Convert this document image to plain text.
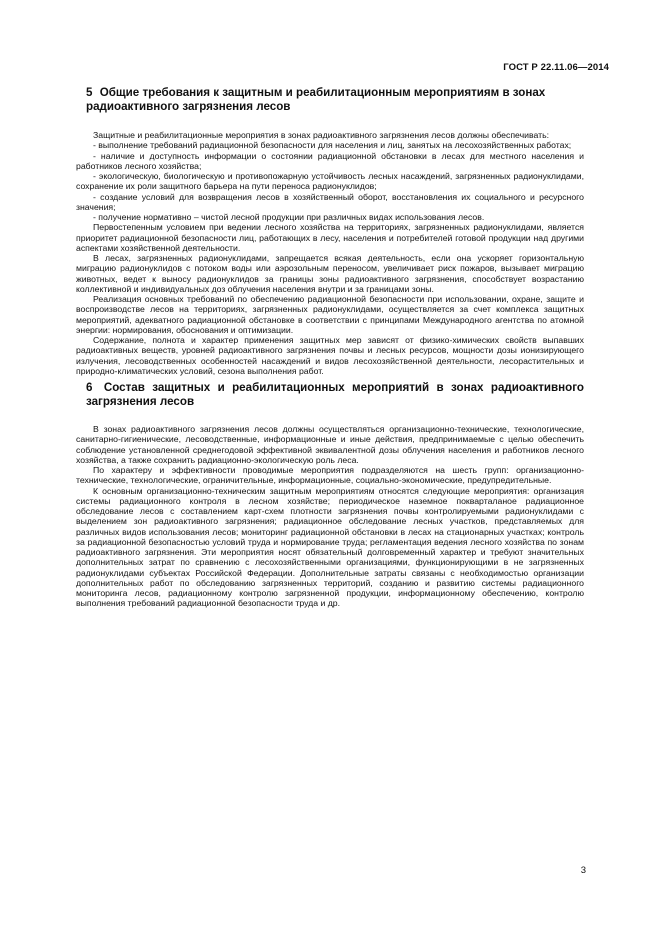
ГОСТ Р 22.11.06—2014
5 Общие требования к защитным и реабилитационным мероприятиям в зонах радиоактивного загрязнения лесов

Защитные и реабилитационные мероприятия в зонах радиоактивного загрязнения лесов должны обеспечивать:

- выполнение требований радиационной безопасности для населения и лиц, занятых на лесохозяйственных работах;

- наличие и доступность информации о состоянии радиационной обстановки в лесах для местного населения и работников лесного хозяйства;

- экологическую, биологическую и противопожарную устойчивость лесных насаждений, загрязненных радионуклидами, сохранение их роли защитного барьера на пути переноса радионуклидов;

- создание условий для возвращения лесов в хозяйственный оборот, восстановления их социального и ресурсного значения;

- получение нормативно – чистой лесной продукции при различных видах использования лесов.

Первостепенным условием при ведении лесного хозяйства на территориях, загрязненных радионуклидами, является приоритет радиационной безопасности лиц, работающих в лесу, населения и потребителей готовой продукции над другими аспектами хозяйственной деятельности.

В лесах, загрязненных радионуклидами, запрещается всякая деятельность, если она ускоряет горизонтальную миграцию радионуклидов с потоком воды или аэрозольным переносом, увеличивает риск пожаров, вызывает миграцию животных, ведет к выносу радионуклидов за границы зоны радиоактивного загрязнения, способствует возрастанию коллективной и индивидуальных доз облучения населения внутри и за границами зоны.

Реализация основных требований по обеспечению радиационной безопасности при использовании, охране, защите и воспроизводстве лесов на территориях, загрязненных радионуклидами, осуществляется за счет комплекса защитных мероприятий, адекватного радиационной обстановке в соответствии с принципами Международного агентства по атомной энергии: нормирования, обоснования и оптимизации.

Содержание, полнота и характер применения защитных мер зависят от физико-химических свойств выпавших радиоактивных веществ, уровней радиоактивного загрязнения почвы и лесных ресурсов, мощности дозы ионизирующего излучения, лесоводственных особенностей насаждений и видов лесохозяйственной деятельности, лесорастительных и природно-климатических условий, сезона выполнения работ.

6 Состав защитных и реабилитационных мероприятий в зонах радиоактивного загрязнения лесов

В зонах радиоактивного загрязнения лесов должны осуществляться организационно-технические, технологические, санитарно-гигиенические, лесоводственные, информационные и иные действия, предпринимаемые с целью обеспечить соблюдение установленной среднегодовой эффективной эквивалентной дозы облучения населения и работников лесного хозяйства, а также сохранить радиационно-экологическую роль леса.

По характеру и эффективности проводимые мероприятия подразделяются на шесть групп: организационно-технические, технологические, ограничительные, информационные, социально-экономические, предупредительные.

К основным организационно-техническим защитным мероприятиям относятся следующие мероприятия: организация системы радиационного контроля в лесном хозяйстве; периодическое наземное покварталаное радиационное обследование лесов с составлением карт-схем плотности загрязнения почвы контролируемыми радионуклидами с выделением зон радиоактивного загрязнения; радиационное обследование лесных участков, представляемых для различных видов использования лесов; мониторинг радиационной обстановки в лесах на стационарных участках; контроль за радиационной безопасностью условий труда и нормирование труда; регламентация ведения лесного хозяйства по зонам радиоактивного загрязнения. Эти мероприятия носят обязательный долговременный характер и требуют значительных дополнительных затрат по сравнению с лесохозяйственными организациями, функционирующими в не загрязненных радионуклидами субъектах Российской Федерации. Дополнительные затраты связаны с необходимостью организации дополнительных работ по обследованию загрязненных территорий, созданию и развитию системы радиационного мониторинга лесов, радиационному контролю загрязненной продукции, информационному обеспечению, контролю выполнения требований радиационной безопасности труда и др.

3
